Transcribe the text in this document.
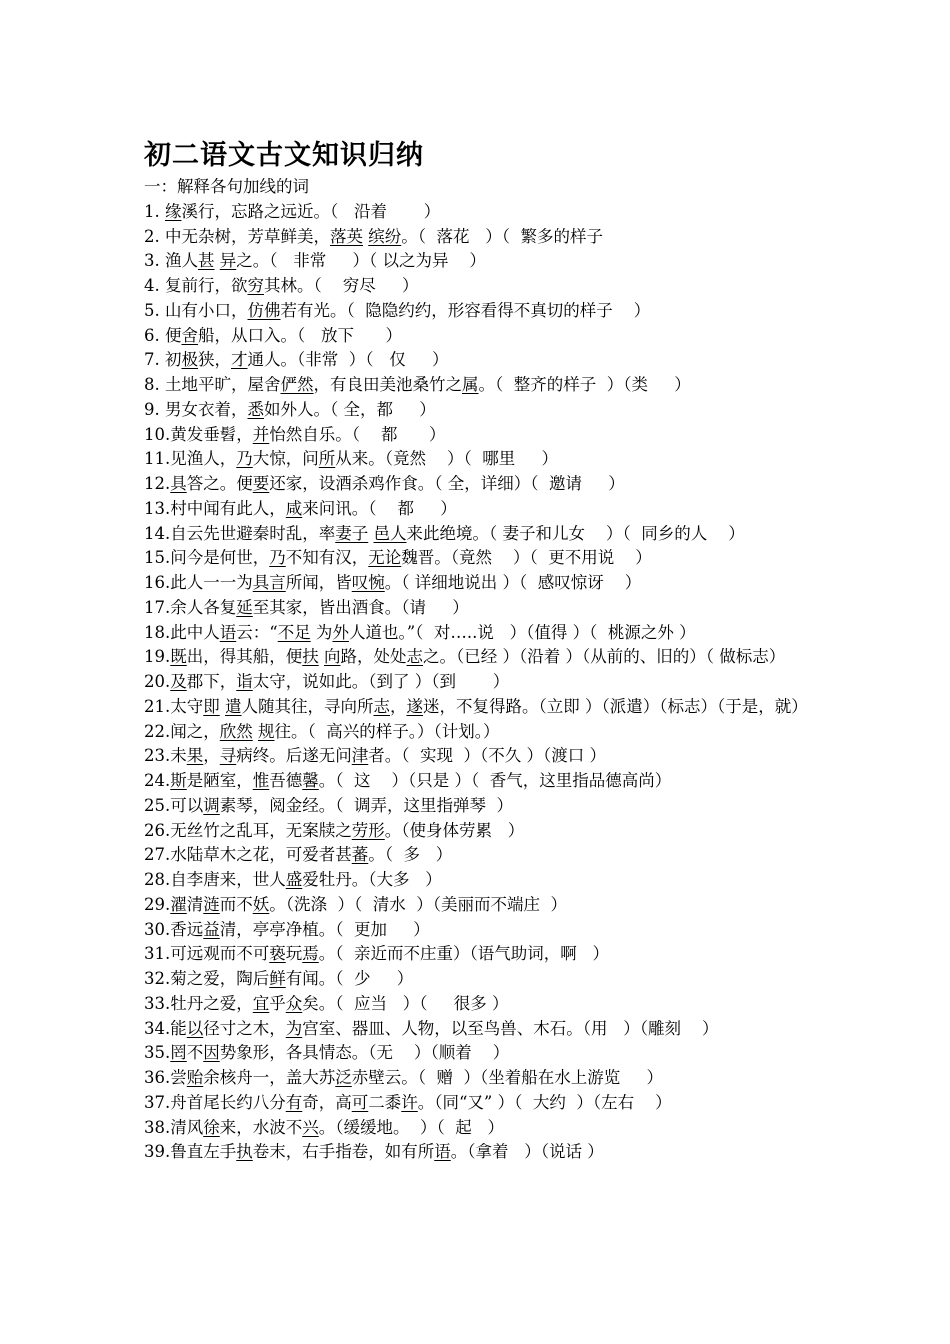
初二语文古文知识归纳
一：解释各句加线的词
1. 缘溪行，忘路之远近。（   沿着       ）
2. 中无杂树，芳草鲜美，落英 缤纷。（  落花   ）（  繁多的样子
3. 渔人甚 异之。（   非常     ）（ 以之为异    ）
4. 复前行，欲穷其林。（    穷尽     ）
5. 山有小口，仿佛若有光。（  隐隐约约，形容看得不真切的样子    ）
6. 便舍船，从口入。（   放下      ）
7. 初极狭，才通人。（非常  ）（   仅     ）
8. 土地平旷，屋舍俨然，有良田美池桑竹之属。（  整齐的样子  ）（类     ）
9. 男女衣着，悉如外人。（ 全，都     ）
10.黄发垂髫，并怡然自乐。（    都      ）
11.见渔人，乃大惊，问所从来。（竟然    ）（  哪里     ）
12.具答之。便要还家，设酒杀鸡作食。（ 全，详细）（  邀请     ）
13.村中闻有此人，咸来问讯。（    都     ）
14.自云先世避秦时乱，率妻子 邑人来此绝境。（ 妻子和儿女    ）（  同乡的人    ）
15.问今是何世，乃不知有汉，无论魏晋。（竟然    ）（  更不用说    ）
16.此人一一为具言所闻，皆叹惋。（ 详细地说出 ）（  感叹惊讶    ）
17.余人各复延至其家，皆出酒食。（请     ）
18.此中人语云：“不足 为外人道也。”（  对…..说   ）（值得 ）（  桃源之外 ）
19.既出，得其船，便扶 向路，处处志之。（已经 ）（沿着 ）（从前的、旧的）（ 做标志）
20.及郡下，诣太守，说如此。（到了 ）（到       ）
21.太守即 遣人随其往，寻向所志，遂迷，不复得路。（立即 ）（派遣）（标志）（于是，就）
22.闻之，欣然 规往。（  高兴的样子。）（计划。）
23.未果，寻病终。后遂无问津者。（  实现  ）（不久 ）（渡口 ）
24.斯是陋室，惟吾德馨。（  这    ）（只是 ）（  香气，这里指品德高尚）
25.可以调素琴，阅金经。（  调弄，这里指弹琴  ）
26.无丝竹之乱耳，无案牍之劳形。（使身体劳累   ）
27.水陆草木之花，可爱者甚蕃。（  多   ）
28.自李唐来，世人盛爱牡丹。（大多   ）
29.濯清涟而不妖。（洗涤  ）（  清水  ）（美丽而不端庄  ）
30.香远益清，亭亭净植。（  更加     ）
31.可远观而不可亵玩焉。（  亲近而不庄重）（语气助词，啊   ）
32.菊之爱，陶后鲜有闻。（  少     ）
33.牡丹之爱，宜乎众矣。（  应当   ）（     很多 ）
34.能以径寸之木，为宫室、器皿、人物，以至鸟兽、木石。（用   ）（雕刻    ）
35.罔不因势象形，各具情态。（无    ）（顺着    ）
36.尝贻余核舟一，盖大苏泛赤壁云。（  赠  ）（坐着船在水上游览     ）
37.舟首尾长约八分有奇，高可二黍许。（同“又” ）（  大约  ）（左右    ）
38.清风徐来，水波不兴。（缓缓地。  ）（  起   ）
39.鲁直左手执卷末，右手指卷，如有所语。（拿着   ）（说话 ）
